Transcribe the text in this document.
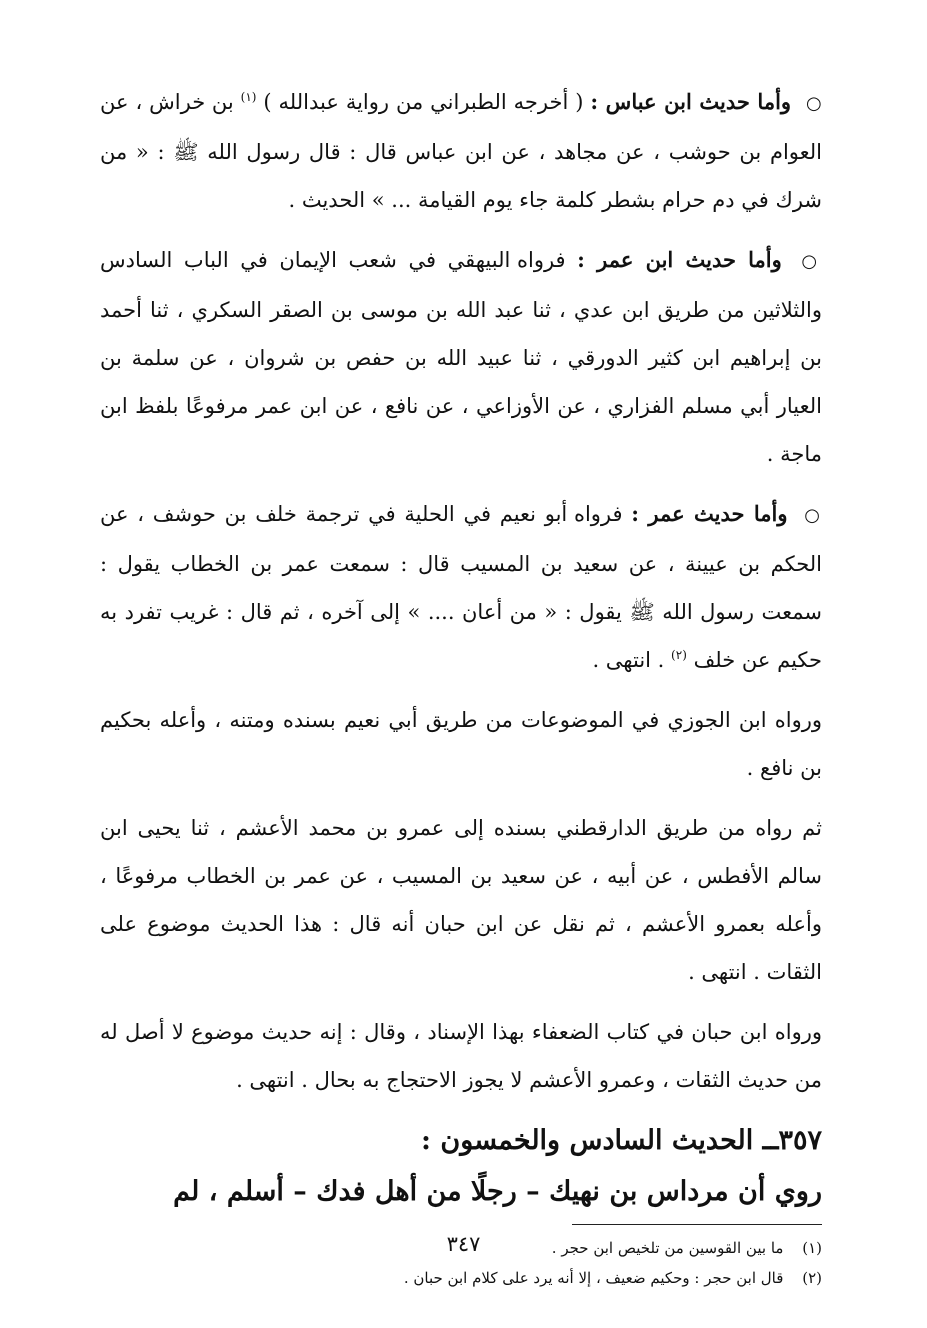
○ وأما حديث ابن عباس : ( أخرجه الطبراني من رواية عبدالله ) $^{(١)}$ بن خراش ، عن العوام بن حوشب ، عن مجاهد ، عن ابن عباس قال : قال رسول الله ﷺ : « من شرك في دم حرام بشطر كلمة جاء يوم القيامة ... » الحديث .

○ وأما حديث ابن عمر : فرواه البيهقي في شعب الإيمان في الباب السادس والثلاثين من طريق ابن عدي ، ثنا عبد الله بن موسى بن الصقر السكري ، ثنا أحمد بن إبراهيم ابن كثير الدورقي ، ثنا عبيد الله بن حفص بن شروان ، عن سلمة بن العيار أبي مسلم الفزاري ، عن الأوزاعي ، عن نافع ، عن ابن عمر مرفوعًا بلفظ ابن ماجة .

○ وأما حديث عمر : فرواه أبو نعيم في الحلية في ترجمة خلف بن حوشف ، عن الحكم بن عيينة ، عن سعيد بن المسيب قال : سمعت عمر بن الخطاب يقول : سمعت رسول الله ﷺ يقول : « من أعان .... » إلى آخره ، ثم قال : غريب تفرد به حكيم عن خلف $^{(٢)}$ . انتهى .

ورواه ابن الجوزي في الموضوعات من طريق أبي نعيم بسنده ومتنه ، وأعله بحكيم بن نافع .

ثم رواه من طريق الدارقطني بسنده إلى عمرو بن محمد الأعشم ، ثنا يحيى ابن سالم الأفطس ، عن أبيه ، عن سعيد بن المسيب ، عن عمر بن الخطاب مرفوعًا ، وأعله بعمرو الأعشم ، ثم نقل عن ابن حبان أنه قال : هذا الحديث موضوع على الثقات . انتهى .

ورواه ابن حبان في كتاب الضعفاء بهذا الإسناد ، وقال : إنه حديث موضوع لا أصل له من حديث الثقات ، وعمرو الأعشم لا يجوز الاحتجاج به بحال . انتهى .

٣٥٧ــ الحديث السادس والخمسون :

روي أن مرداس بن نهيك – رجلًا من أهل فدك – أسلم ، لم

(١) ما بين القوسين من تلخيص ابن حجر .

(٢) قال ابن حجر : وحكيم ضعيف ، إلا أنه يرد على كلام ابن حبان .

٣٤٧
